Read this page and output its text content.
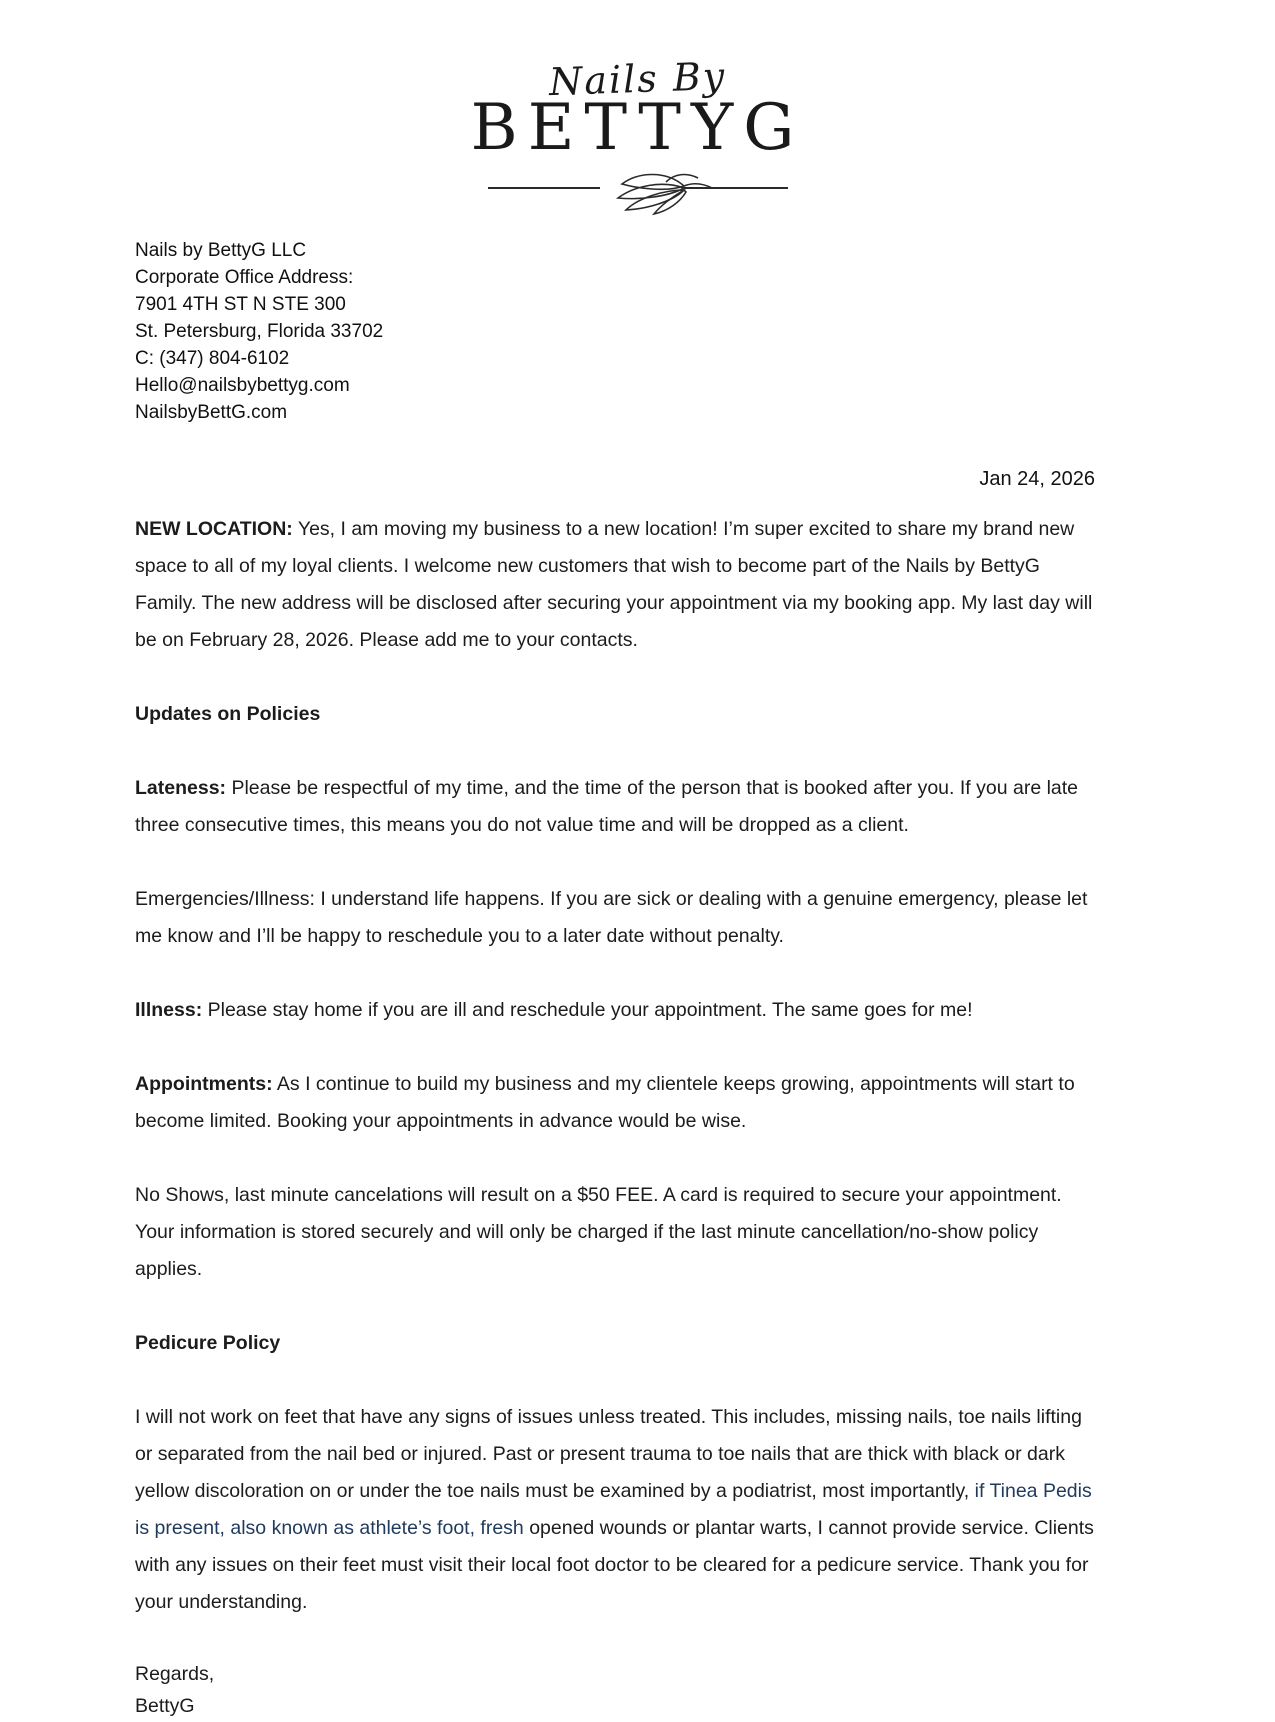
Nails By
BETTYG
Nails by BettyG LLC
Corporate Office Address:
7901 4TH ST N STE 300
St. Petersburg, Florida 33702
C: (347) 804-6102
Hello@nailsbybettyg.com
NailsbyBettG.com
Jan 24, 2026

NEW LOCATION: Yes, I am moving my business to a new location! I’m super excited to share my brand new space to all of my loyal clients. I welcome new customers that wish to become part of the Nails by BettyG Family. The new address will be disclosed after securing your appointment via my booking app. My last day will be on February 28, 2026. Please add me to your contacts.

Updates on Policies

Lateness: Please be respectful of my time, and the time of the person that is booked after you. If you are late three consecutive times, this means you do not value time and will be dropped as a client.

Emergencies/Illness: I understand life happens. If you are sick or dealing with a genuine emergency, please let me know and I’ll be happy to reschedule you to a later date without penalty.

Illness: Please stay home if you are ill and reschedule your appointment. The same goes for me!

Appointments: As I continue to build my business and my clientele keeps growing, appointments will start to become limited. Booking your appointments in advance would be wise.

No Shows, last minute cancelations will result on a $50 FEE. A card is required to secure your appointment. Your information is stored securely and will only be charged if the last minute cancellation/no-show policy applies.

Pedicure Policy

I will not work on feet that have any signs of issues unless treated. This includes, missing nails, toe nails lifting or separated from the nail bed or injured. Past or present trauma to toe nails that are thick with black or dark yellow discoloration on or under the toe nails must be examined by a podiatrist, most importantly, if Tinea Pedis is present, also known as athlete’s foot, fresh opened wounds or plantar warts, I cannot provide service. Clients with any issues on their feet must visit their local foot doctor to be cleared for a pedicure service. Thank you for your understanding.

Regards,
BettyG
